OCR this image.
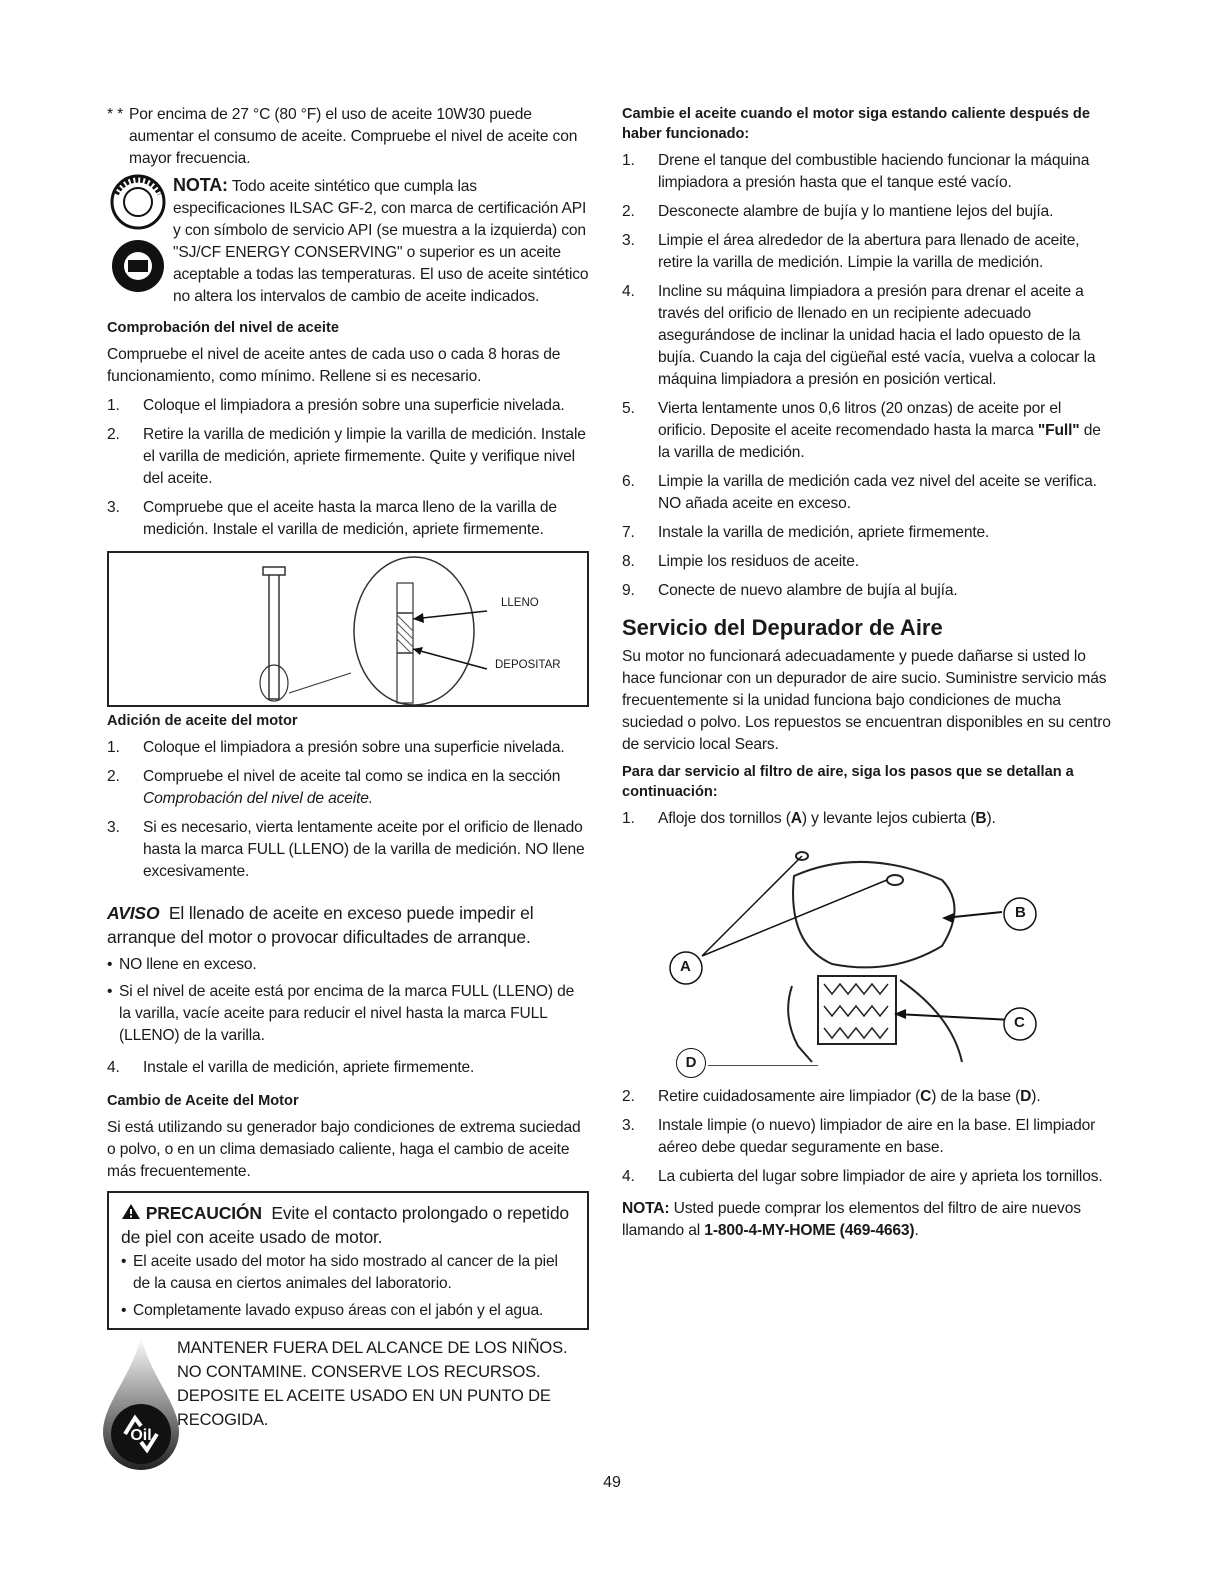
* * Por encima de 27 °C (80 °F) el uso de aceite 10W30 puede aumentar el consumo de aceite. Compruebe el nivel de aceite con mayor frecuencia.

NOTA: Todo aceite sintético que cumpla las especificaciones ILSAC GF-2, con marca de certificación API y con símbolo de servicio API (se muestra a la izquierda) con "SJ/CF ENERGY CONSERVING" o superior es un aceite aceptable a todas las temperaturas. El uso de aceite sintético no altera los intervalos de cambio de aceite indicados.

Comprobación del nivel de aceite

Compruebe el nivel de aceite antes de cada uso o cada 8 horas de funcionamiento, como mínimo. Rellene si es necesario.

1. Coloque el limpiadora a presión sobre una superficie nivelada.
2. Retire la varilla de medición y limpie la varilla de medición. Instale el varilla de medición, apriete firmemente. Quite y verifique nivel del aceite.
3. Compruebe que el aceite hasta la marca lleno de la varilla de medición. Instale el varilla de medición, apriete firmemente.
LLENO
DEPOSITAR
Adición de aceite del motor
1. Coloque el limpiadora a presión sobre una superficie nivelada.
2. Compruebe el nivel de aceite tal como se indica en la sección Comprobación del nivel de aceite.
3. Si es necesario, vierta lentamente aceite por el orificio de llenado hasta la marca FULL (LLENO) de la varilla de medición. NO llene excesivamente.

AVISO El llenado de aceite en exceso puede impedir el arranque del motor o provocar dificultades de arranque.

• NO llene en exceso.
• Si el nivel de aceite está por encima de la marca FULL (LLENO) de la varilla, vacíe aceite para reducir el nivel hasta la marca FULL (LLENO) de la varilla.
4. Instale el varilla de medición, apriete firmemente.
Cambio de Aceite del Motor

Si está utilizando su generador bajo condiciones de extrema suciedad o polvo, o en un clima demasiado caliente, haga el cambio de aceite más frecuentemente.

PRECAUCIÓN Evite el contacto prolongado o repetido de piel con aceite usado de motor.

• El aceite usado del motor ha sido mostrado al cancer de la piel de la causa en ciertos animales del laboratorio.
• Completamente lavado expuso áreas con el jabón y el agua.
Oil

MANTENER FUERA DEL ALCANCE DE LOS NIÑOS. NO CONTAMINE. CONSERVE LOS RECURSOS. DEPOSITE EL ACEITE USADO EN UN PUNTO DE RECOGIDA.

Cambie el aceite cuando el motor siga estando caliente después de haber funcionado:
1. Drene el tanque del combustible haciendo funcionar la máquina limpiadora a presión hasta que el tanque esté vacío.
2. Desconecte alambre de bujía y lo mantiene lejos del bujía.
3. Limpie el área alrededor de la abertura para llenado de aceite, retire la varilla de medición. Limpie la varilla de medición.
4. Incline su máquina limpiadora a presión para drenar el aceite a través del orificio de llenado en un recipiente adecuado asegurándose de inclinar la unidad hacia el lado opuesto de la bujía. Cuando la caja del cigüeñal esté vacía, vuelva a colocar la máquina limpiadora a presión en posición vertical.
5. Vierta lentamente unos 0,6 litros (20 onzas) de aceite por el orificio. Deposite el aceite recomendado hasta la marca "Full" de la varilla de medición.
6. Limpie la varilla de medición cada vez nivel del aceite se verifica. NO añada aceite en exceso.
7. Instale la varilla de medición, apriete firmemente.
8. Limpie los residuos de aceite.
9. Conecte de nuevo alambre de bujía al bujía.
Servicio del Depurador de Aire

Su motor no funcionará adecuadamente y puede dañarse si usted lo hace funcionar con un depurador de aire sucio. Suministre servicio más frecuentemente si la unidad funciona bajo condiciones de mucha suciedad o polvo. Los repuestos se encuentran disponibles en su centro de servicio local Sears.

Para dar servicio al filtro de aire, siga los pasos que se detallan a continuación:
1. Afloje dos tornillos (A) y levante lejos cubierta (B).
A
B
C
D
2. Retire cuidadosamente aire limpiador (C) de la base (D).
3. Instale limpie (o nuevo) limpiador de aire en la base. El limpiador aéreo debe quedar seguramente en base.
4. La cubierta del lugar sobre limpiador de aire y aprieta los tornillos.

NOTA: Usted puede comprar los elementos del filtro de aire nuevos llamando al 1-800-4-MY-HOME (469-4663).

49
